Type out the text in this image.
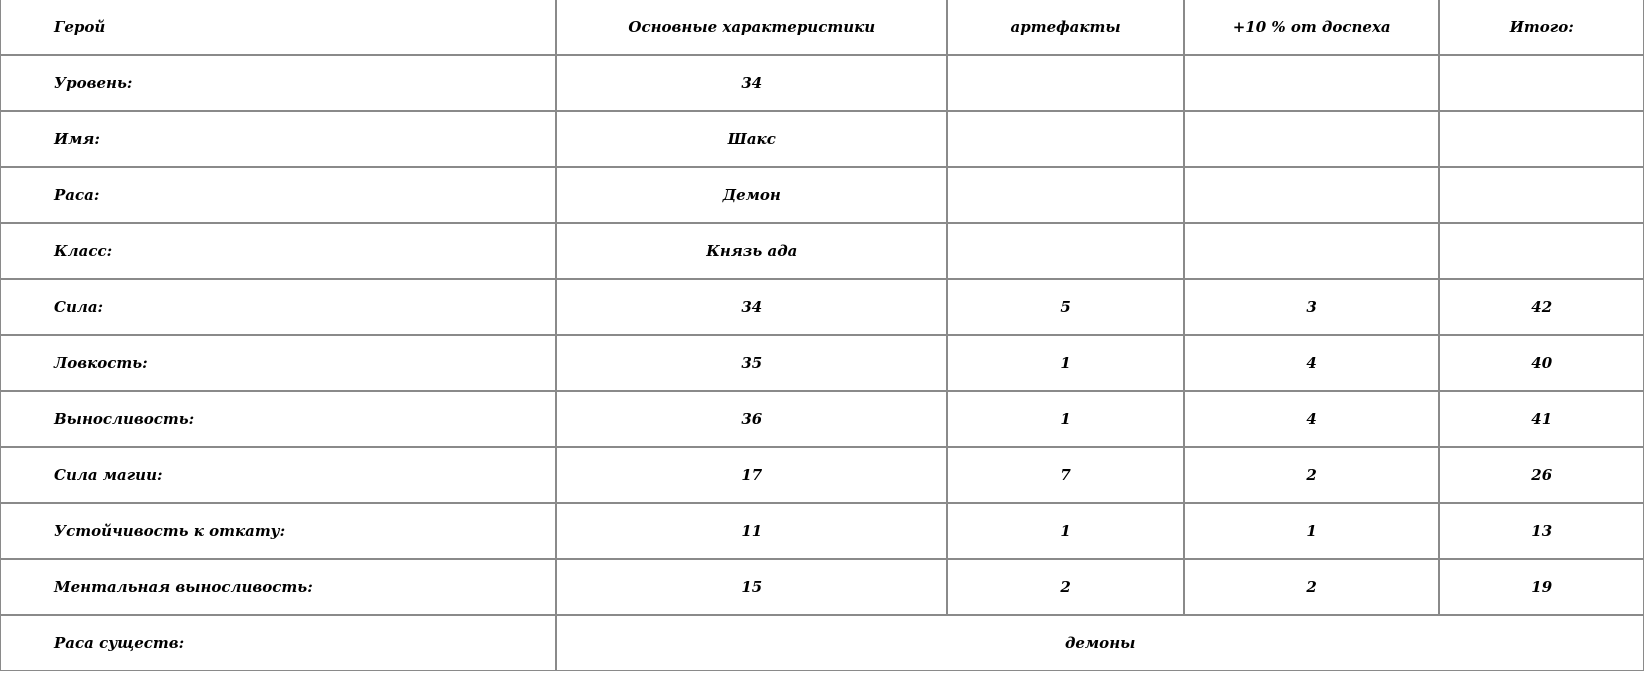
Герой	Основные характеристики	артефакты	+10 % от доспеха	Итого:
Уровень:	34			
Имя:	Шакс			
Раса:	Демон			
Класс:	Князь ада			
Сила:	34	5	3	42
Ловкость:	35	1	4	40
Выносливость:	36	1	4	41
Сила магии:	17	7	2	26
Устойчивость к откату:	11	1	1	13
Ментальная выносливость:	15	2	2	19
Раса существ:	демоны			
